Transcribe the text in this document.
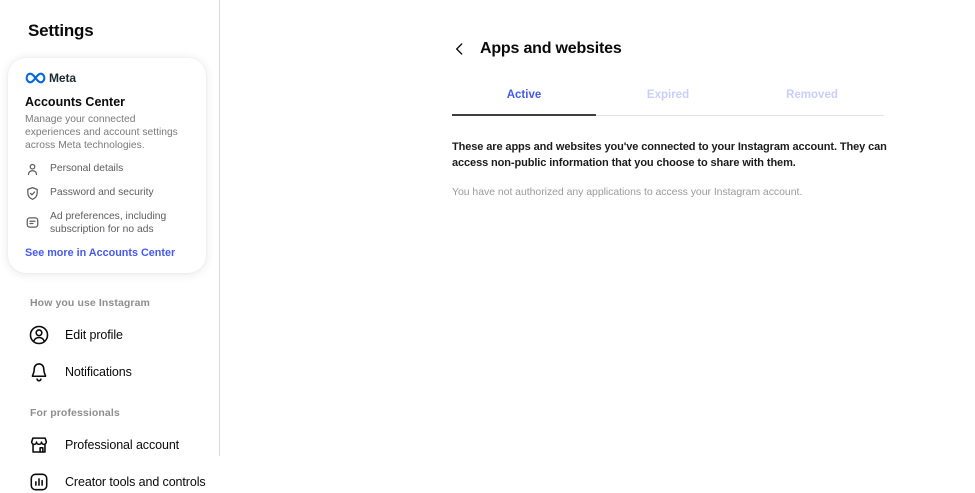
Settings
Meta
Accounts Center
Manage your connected experiences and account settings across Meta technologies.
Personal details
Password and security
Ad preferences, including subscription for no ads
See more in Accounts Center
How you use Instagram
Edit profile
Notifications
For professionals
Professional account
Creator tools and controls
Apps and websites
Active	Expired	Removed

These are apps and websites you've connected to your Instagram account. They can access non-public information that you choose to share with them.

You have not authorized any applications to access your Instagram account.
